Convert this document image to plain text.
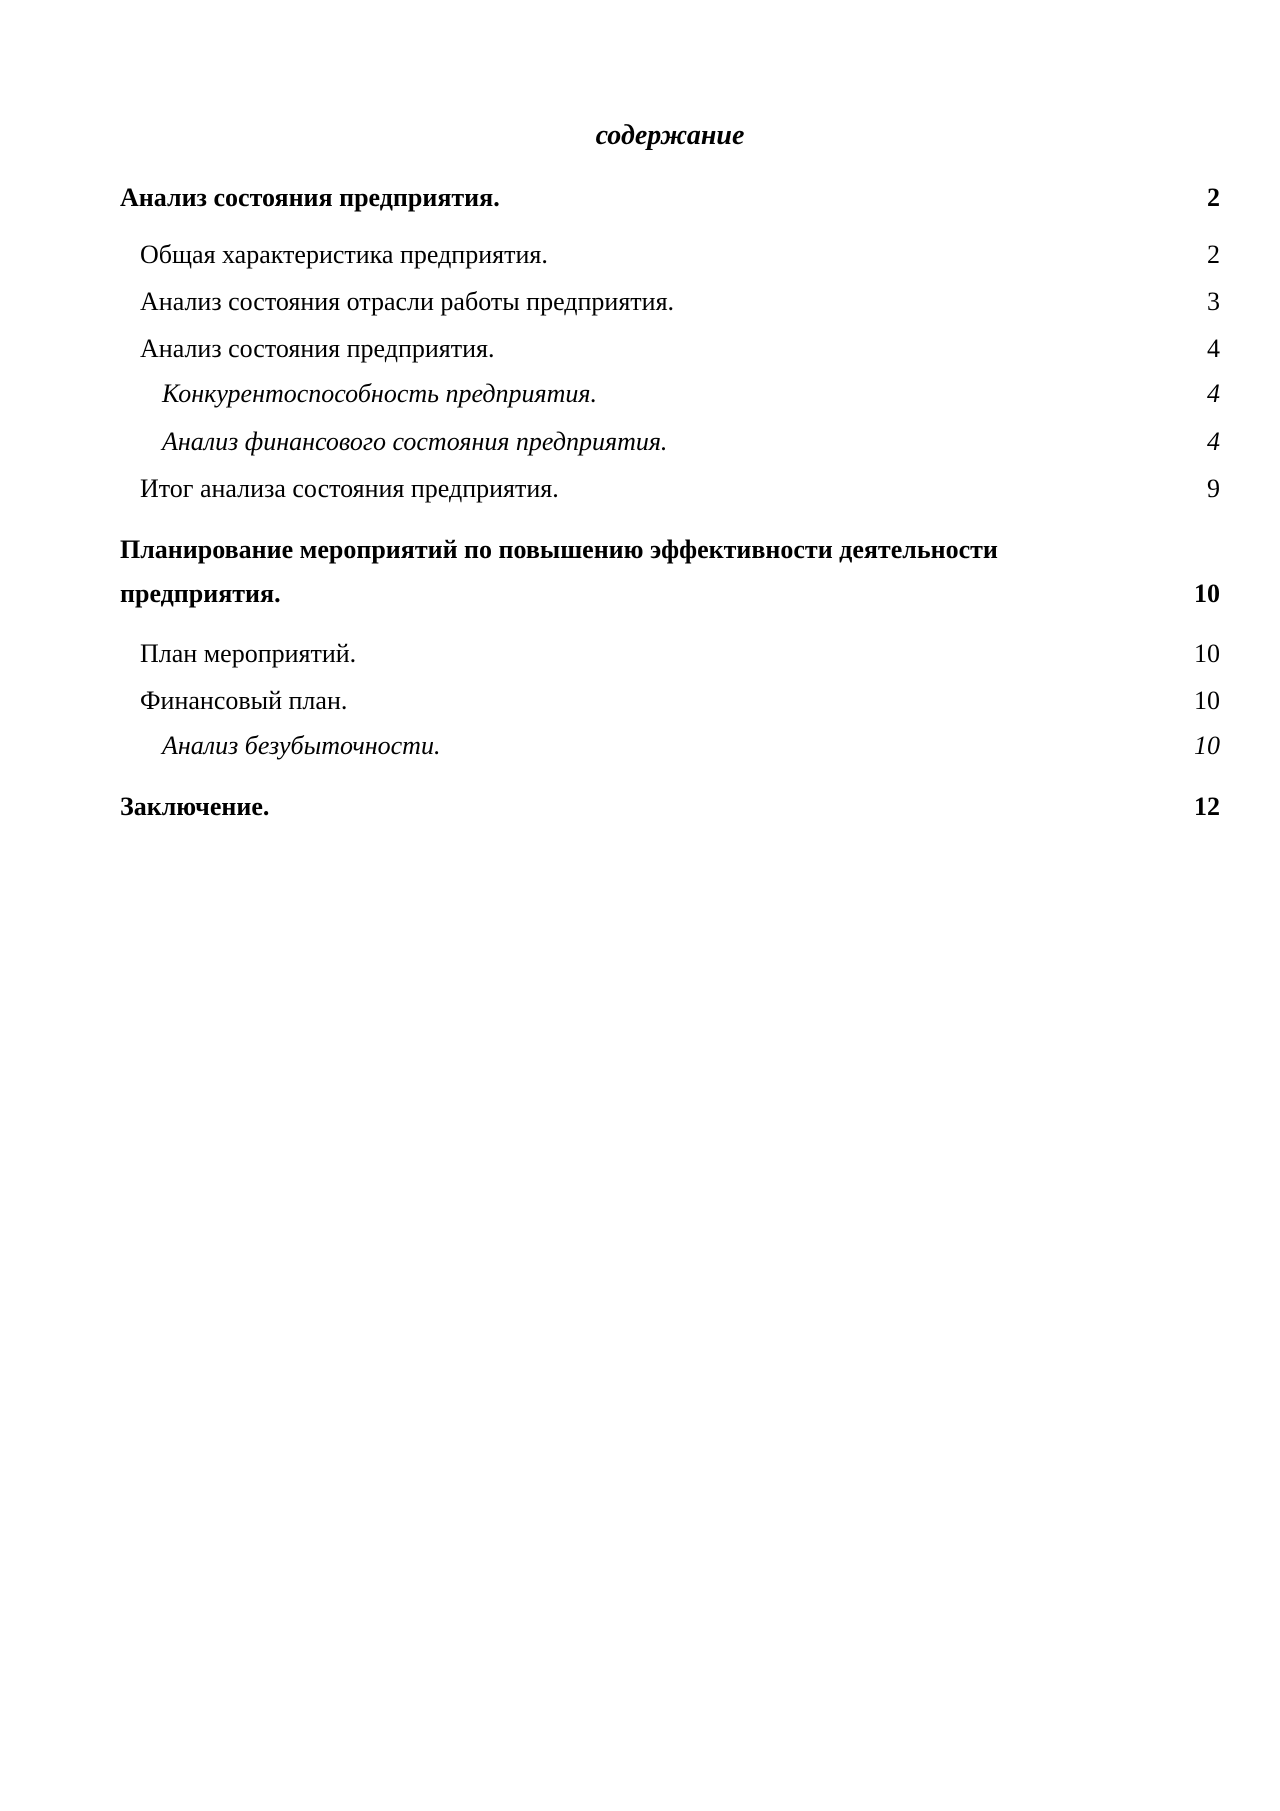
содержание
Анализ состояния предприятия.	2
Общая характеристика предприятия.	2
Анализ состояния отрасли работы предприятия.	3
Анализ состояния предприятия.	4
Конкурентоспособность предприятия.	4
Анализ финансового состояния предприятия.	4
Итог анализа состояния предприятия.	9
Планирование мероприятий по повышению эффективности деятельности
предприятия.	10
План мероприятий.	10
Финансовый план.	10
Анализ безубыточности.	10
Заключение.	12
